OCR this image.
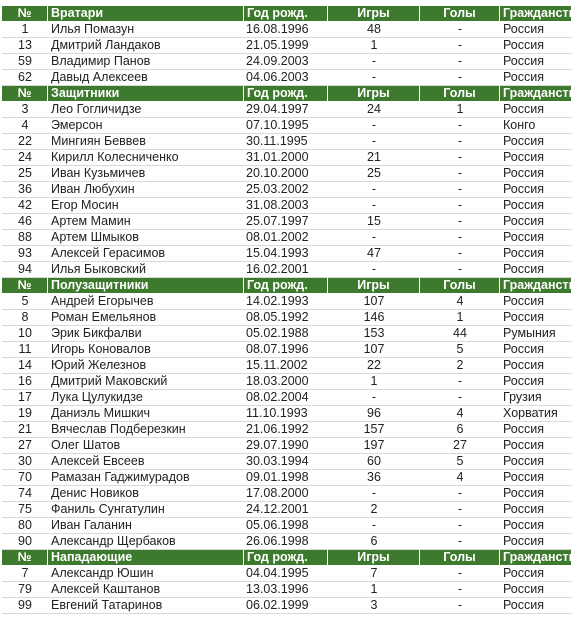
№	Вратари	Год рожд.	Игры	Голы	Гражданство
1	Илья Помазун	16.08.1996	48	-	Россия
13	Дмитрий Ландаков	21.05.1999	1	-	Россия
59	Владимир Панов	24.09.2003	-	-	Россия
62	Давыд Алексеев	04.06.2003	-	-	Россия
№	Защитники	Год рожд.	Игры	Голы	Гражданство
3	Лео Гогличидзе	29.04.1997	24	1	Россия
4	Эмерсон	07.10.1995	-	-	Конго
22	Мингиян Беввев	30.11.1995	-	-	Россия
24	Кирилл Колесниченко	31.01.2000	21	-	Россия
25	Иван Кузьмичев	20.10.2000	25	-	Россия
36	Иван Любухин	25.03.2002	-	-	Россия
42	Егор Мосин	31.08.2003	-	-	Россия
46	Артем Мамин	25.07.1997	15	-	Россия
88	Артем Шмыков	08.01.2002	-	-	Россия
93	Алексей Герасимов	15.04.1993	47	-	Россия
94	Илья Быковский	16.02.2001	-	-	Россия
№	Полузащитники	Год рожд.	Игры	Голы	Гражданство
5	Андрей Егорычев	14.02.1993	107	4	Россия
8	Роман Емельянов	08.05.1992	146	1	Россия
10	Эрик Бикфалви	05.02.1988	153	44	Румыния
11	Игорь Коновалов	08.07.1996	107	5	Россия
14	Юрий Железнов	15.11.2002	22	2	Россия
16	Дмитрий Маковский	18.03.2000	1	-	Россия
17	Лука Цулукидзе	08.02.2004	-	-	Грузия
19	Даниэль Мишкич	11.10.1993	96	4	Хорватия
21	Вячеслав Подберезкин	21.06.1992	157	6	Россия
27	Олег Шатов	29.07.1990	197	27	Россия
30	Алексей Евсеев	30.03.1994	60	5	Россия
70	Рамазан Гаджимурадов	09.01.1998	36	4	Россия
74	Денис Новиков	17.08.2000	-	-	Россия
75	Фаниль Сунгатулин	24.12.2001	2	-	Россия
80	Иван Галанин	05.06.1998	-	-	Россия
90	Александр Щербаков	26.06.1998	6	-	Россия
№	Нападающие	Год рожд.	Игры	Голы	Гражданство
7	Александр Юшин	04.04.1995	7	-	Россия
79	Алексей Каштанов	13.03.1996	1	-	Россия
99	Евгений Татаринов	06.02.1999	3	-	Россия
